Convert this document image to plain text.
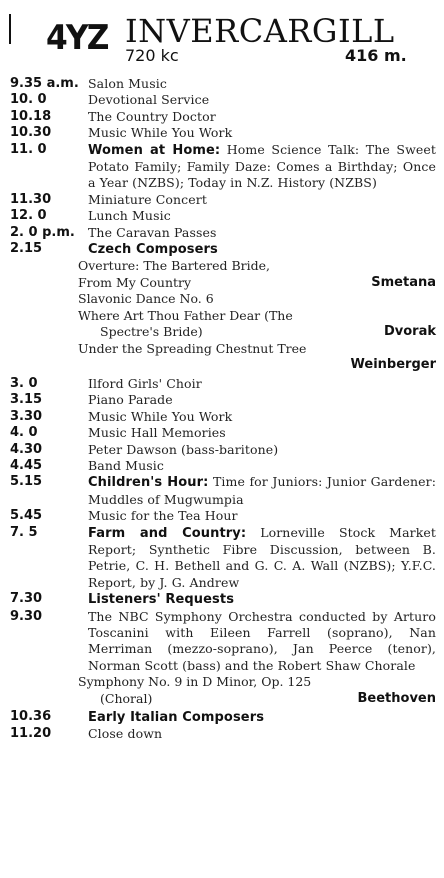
4YZ INVERCARGILL
720 kc	416 m.
9.35 a.m. Salon Music
10. 0	Devotional Service
10.18	The Country Doctor
10.30	Music While You Work
11. 0	Women at Home: Home Science Talk: The Sweet Potato Family; Family Daze: Comes a Birthday; Once a Year (NZBS); Today in N.Z. History (NZBS)
11.30	Miniature Concert
12. 0	Lunch Music
2. 0 p.m. The Caravan Passes
2.15	Czech Composers
Overture: The Bartered Bride,
From My Country	Smetana
Slavonic Dance No. 6
Where Art Thou Father Dear (The
Spectre's Bride)	Dvorak
Under the Spreading Chestnut Tree
Weinberger
3. 0	Ilford Girls' Choir
3.15	Piano Parade
3.30	Music While You Work
4. 0	Music Hall Memories
4.30	Peter Dawson (bass-baritone)
4.45	Band Music
5.15	Children's Hour: Time for Juniors: Junior Gardener: Muddles of Mugwumpia
5.45	Music for the Tea Hour
7. 5	Farm and Country: Lorneville Stock Market Report; Synthetic Fibre Discussion, between B. Petrie, C. H. Bethell and G. C. A. Wall (NZBS); Y.F.C. Report, by J. G. Andrew
7.30	Listeners' Requests
9.30	The NBC Symphony Orchestra conducted by Arturo Toscanini with Eileen Farrell (soprano), Nan Merriman (mezzo-soprano), Jan Peerce (tenor), Norman Scott (bass) and the Robert Shaw Chorale
Symphony No. 9 in D Minor, Op. 125
(Choral)	Beethoven
10.36	Early Italian Composers
11.20	Close down
